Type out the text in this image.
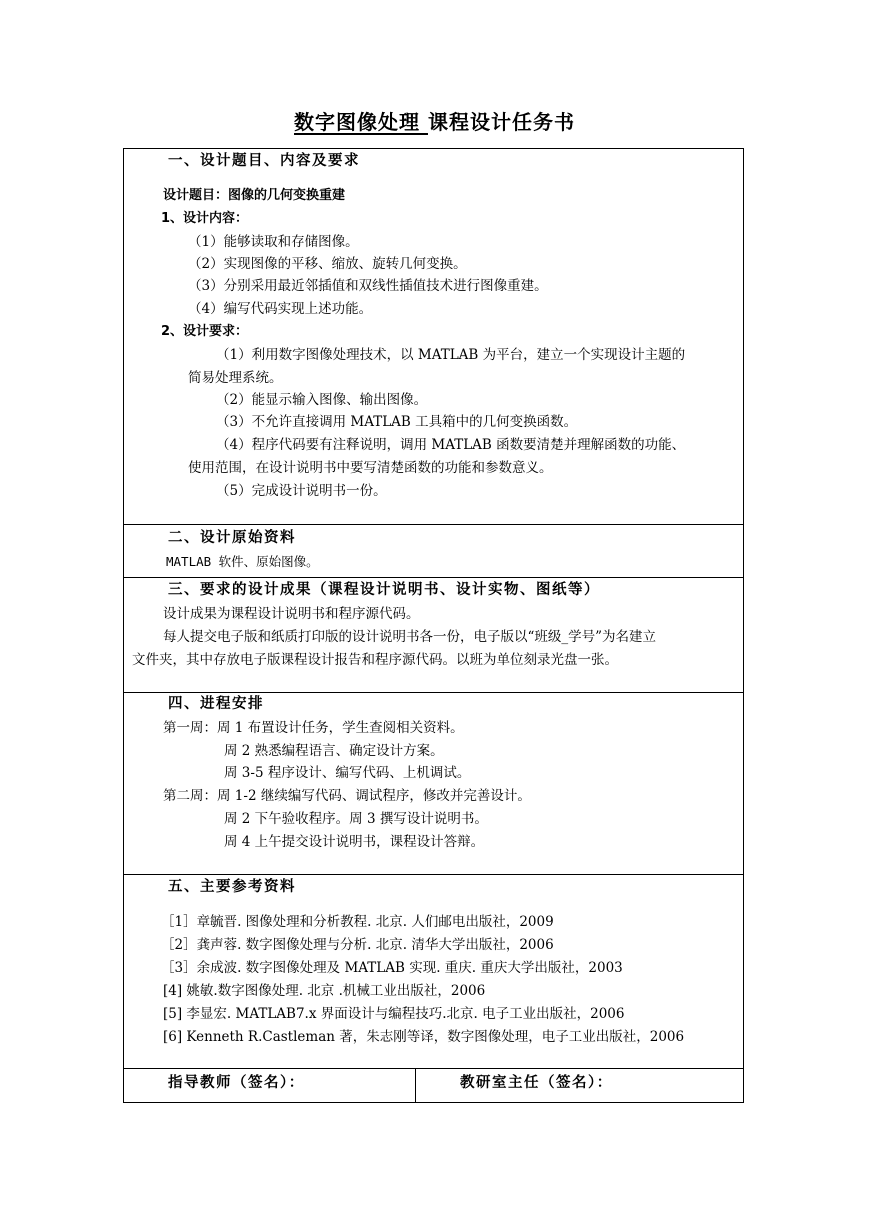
数字图像处理 课程设计任务书
一、设计题目、内容及要求
设计题目：图像的几何变换重建
1、设计内容：
（1）能够读取和存储图像。
（2）实现图像的平移、缩放、旋转几何变换。
（3）分别采用最近邻插值和双线性插值技术进行图像重建。
（4）编写代码实现上述功能。
2、设计要求：
（1）利用数字图像处理技术，以 MATLAB 为平台，建立一个实现设计主题的
简易处理系统。
（2）能显示输入图像、输出图像。
（3）不允许直接调用 MATLAB 工具箱中的几何变换函数。
（4）程序代码要有注释说明，调用 MATLAB 函数要清楚并理解函数的功能、
使用范围，在设计说明书中要写清楚函数的功能和参数意义。
（5）完成设计说明书一份。
二、设计原始资料
MATLAB 软件、原始图像。
三、要求的设计成果（课程设计说明书、设计实物、图纸等）
设计成果为课程设计说明书和程序源代码。
每人提交电子版和纸质打印版的设计说明书各一份，电子版以“班级_学号”为名建立
文件夹，其中存放电子版课程设计报告和程序源代码。以班为单位刻录光盘一张。
四、进程安排
第一周：周 1 布置设计任务，学生查阅相关资料。
周 2 熟悉编程语言、确定设计方案。
周 3-5 程序设计、编写代码、上机调试。
第二周：周 1-2 继续编写代码、调试程序，修改并完善设计。
周 2 下午验收程序。周 3 撰写设计说明书。
周 4 上午提交设计说明书，课程设计答辩。
五、主要参考资料
［1］章毓晋. 图像处理和分析教程. 北京. 人们邮电出版社，2009
［2］龚声蓉. 数字图像处理与分析. 北京. 清华大学出版社，2006
［3］余成波. 数字图像处理及 MATLAB 实现. 重庆. 重庆大学出版社，2003
[4] 姚敏.数字图像处理. 北京 .机械工业出版社，2006
[5] 李显宏. MATLAB7.x 界面设计与编程技巧.北京. 电子工业出版社，2006
[6] Kenneth R.Castleman 著，朱志刚等译，数字图像处理，电子工业出版社，2006
指导教师（签名）：	教研室主任（签名）：
